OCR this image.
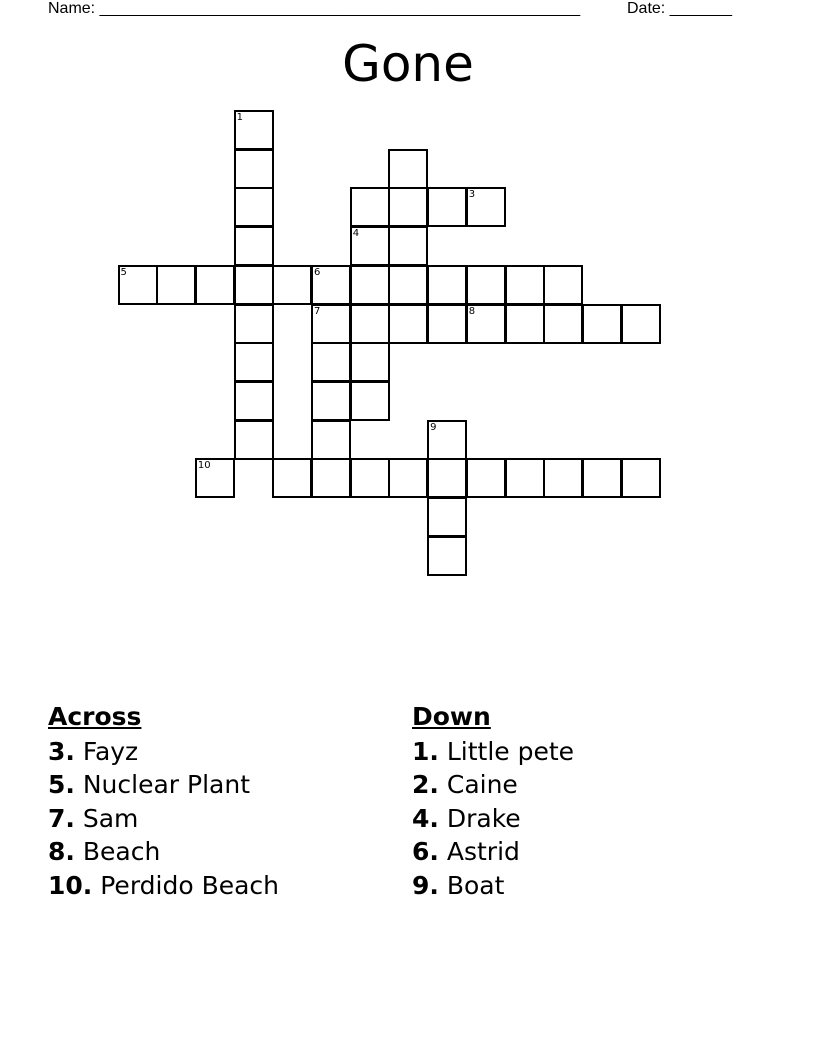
Name: ______________________________________________________	Date: _______
Gone
1
3
4
5	6
7	8
9
10
Across
3. Fayz
5. Nuclear Plant
7. Sam
8. Beach
10. Perdido Beach
Down
1. Little pete
2. Caine
4. Drake
6. Astrid
9. Boat
